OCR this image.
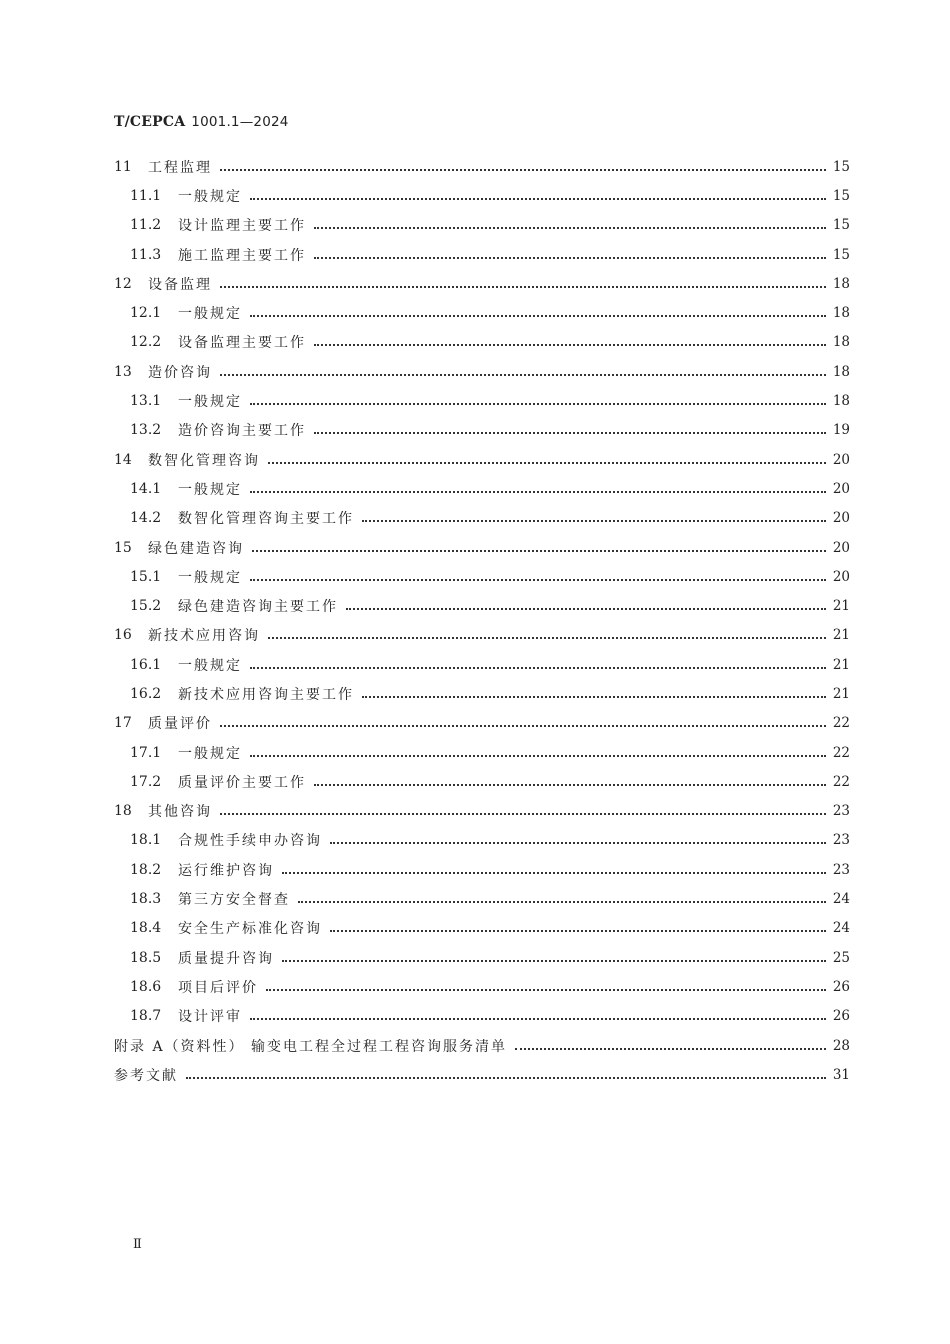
T/CEPCA 1001.1—2024
11	工程监理	15
11.1	一般规定	15
11.2	设计监理主要工作	15
11.3	施工监理主要工作	15
12	设备监理	18
12.1	一般规定	18
12.2	设备监理主要工作	18
13	造价咨询	18
13.1	一般规定	18
13.2	造价咨询主要工作	19
14	数智化管理咨询	20
14.1	一般规定	20
14.2	数智化管理咨询主要工作	20
15	绿色建造咨询	20
15.1	一般规定	20
15.2	绿色建造咨询主要工作	21
16	新技术应用咨询	21
16.1	一般规定	21
16.2	新技术应用咨询主要工作	21
17	质量评价	22
17.1	一般规定	22
17.2	质量评价主要工作	22
18	其他咨询	23
18.1	合规性手续申办咨询	23
18.2	运行维护咨询	23
18.3	第三方安全督查	24
18.4	安全生产标准化咨询	24
18.5	质量提升咨询	25
18.6	项目后评价	26
18.7	设计评审	26
附录 A（资料性） 输变电工程全过程工程咨询服务清单	28
参考文献	31
Ⅱ
